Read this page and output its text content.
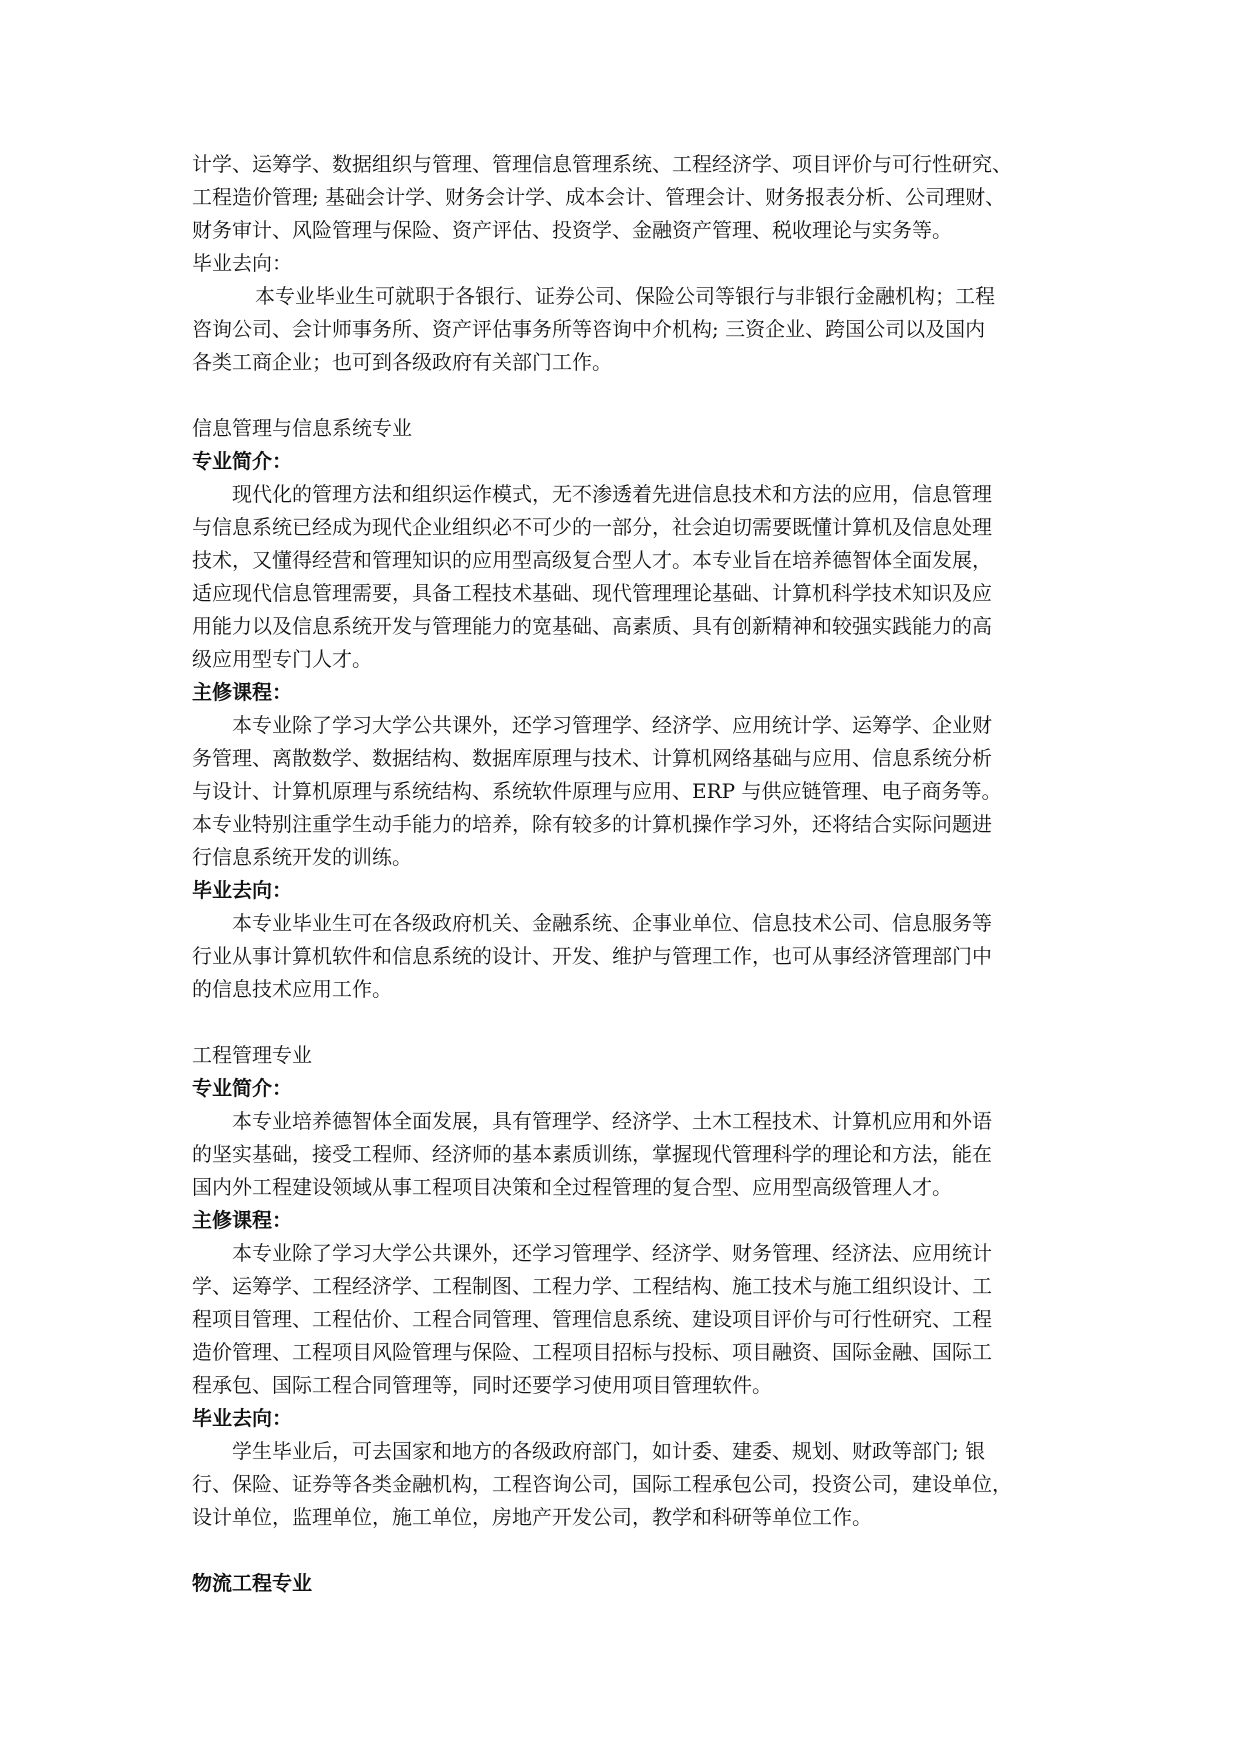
计学、运筹学、数据组织与管理、管理信息管理系统、工程经济学、项目评价与可行性研究、

工程造价管理; 基础会计学、财务会计学、成本会计、管理会计、财务报表分析、公司理财、

财务审计、风险管理与保险、资产评估、投资学、金融资产管理、税收理论与实务等。

毕业去向：

本专业毕业生可就职于各银行、证券公司、保险公司等银行与非银行金融机构；工程

咨询公司、会计师事务所、资产评估事务所等咨询中介机构; 三资企业、跨国公司以及国内

各类工商企业；也可到各级政府有关部门工作。

信息管理与信息系统专业

专业简介：

现代化的管理方法和组织运作模式，无不渗透着先进信息技术和方法的应用，信息管理

与信息系统已经成为现代企业组织必不可少的一部分，社会迫切需要既懂计算机及信息处理

技术，又懂得经营和管理知识的应用型高级复合型人才。本专业旨在培养德智体全面发展，

适应现代信息管理需要，具备工程技术基础、现代管理理论基础、计算机科学技术知识及应

用能力以及信息系统开发与管理能力的宽基础、高素质、具有创新精神和较强实践能力的高

级应用型专门人才。

主修课程：

本专业除了学习大学公共课外，还学习管理学、经济学、应用统计学、运筹学、企业财

务管理、离散数学、数据结构、数据库原理与技术、计算机网络基础与应用、信息系统分析

与设计、计算机原理与系统结构、系统软件原理与应用、ERP 与供应链管理、电子商务等。

本专业特别注重学生动手能力的培养，除有较多的计算机操作学习外，还将结合实际问题进

行信息系统开发的训练。

毕业去向：

本专业毕业生可在各级政府机关、金融系统、企事业单位、信息技术公司、信息服务等

行业从事计算机软件和信息系统的设计、开发、维护与管理工作，也可从事经济管理部门中

的信息技术应用工作。

工程管理专业

专业简介：

本专业培养德智体全面发展，具有管理学、经济学、土木工程技术、计算机应用和外语

的坚实基础，接受工程师、经济师的基本素质训练，掌握现代管理科学的理论和方法，能在

国内外工程建设领域从事工程项目决策和全过程管理的复合型、应用型高级管理人才。

主修课程：

本专业除了学习大学公共课外，还学习管理学、经济学、财务管理、经济法、应用统计

学、运筹学、工程经济学、工程制图、工程力学、工程结构、施工技术与施工组织设计、工

程项目管理、工程估价、工程合同管理、管理信息系统、建设项目评价与可行性研究、工程

造价管理、工程项目风险管理与保险、工程项目招标与投标、项目融资、国际金融、国际工

程承包、国际工程合同管理等，同时还要学习使用项目管理软件。

毕业去向：

学生毕业后，可去国家和地方的各级政府部门，如计委、建委、规划、财政等部门; 银

行、保险、证券等各类金融机构，工程咨询公司，国际工程承包公司，投资公司，建设单位，

设计单位，监理单位，施工单位，房地产开发公司，教学和科研等单位工作。

物流工程专业
